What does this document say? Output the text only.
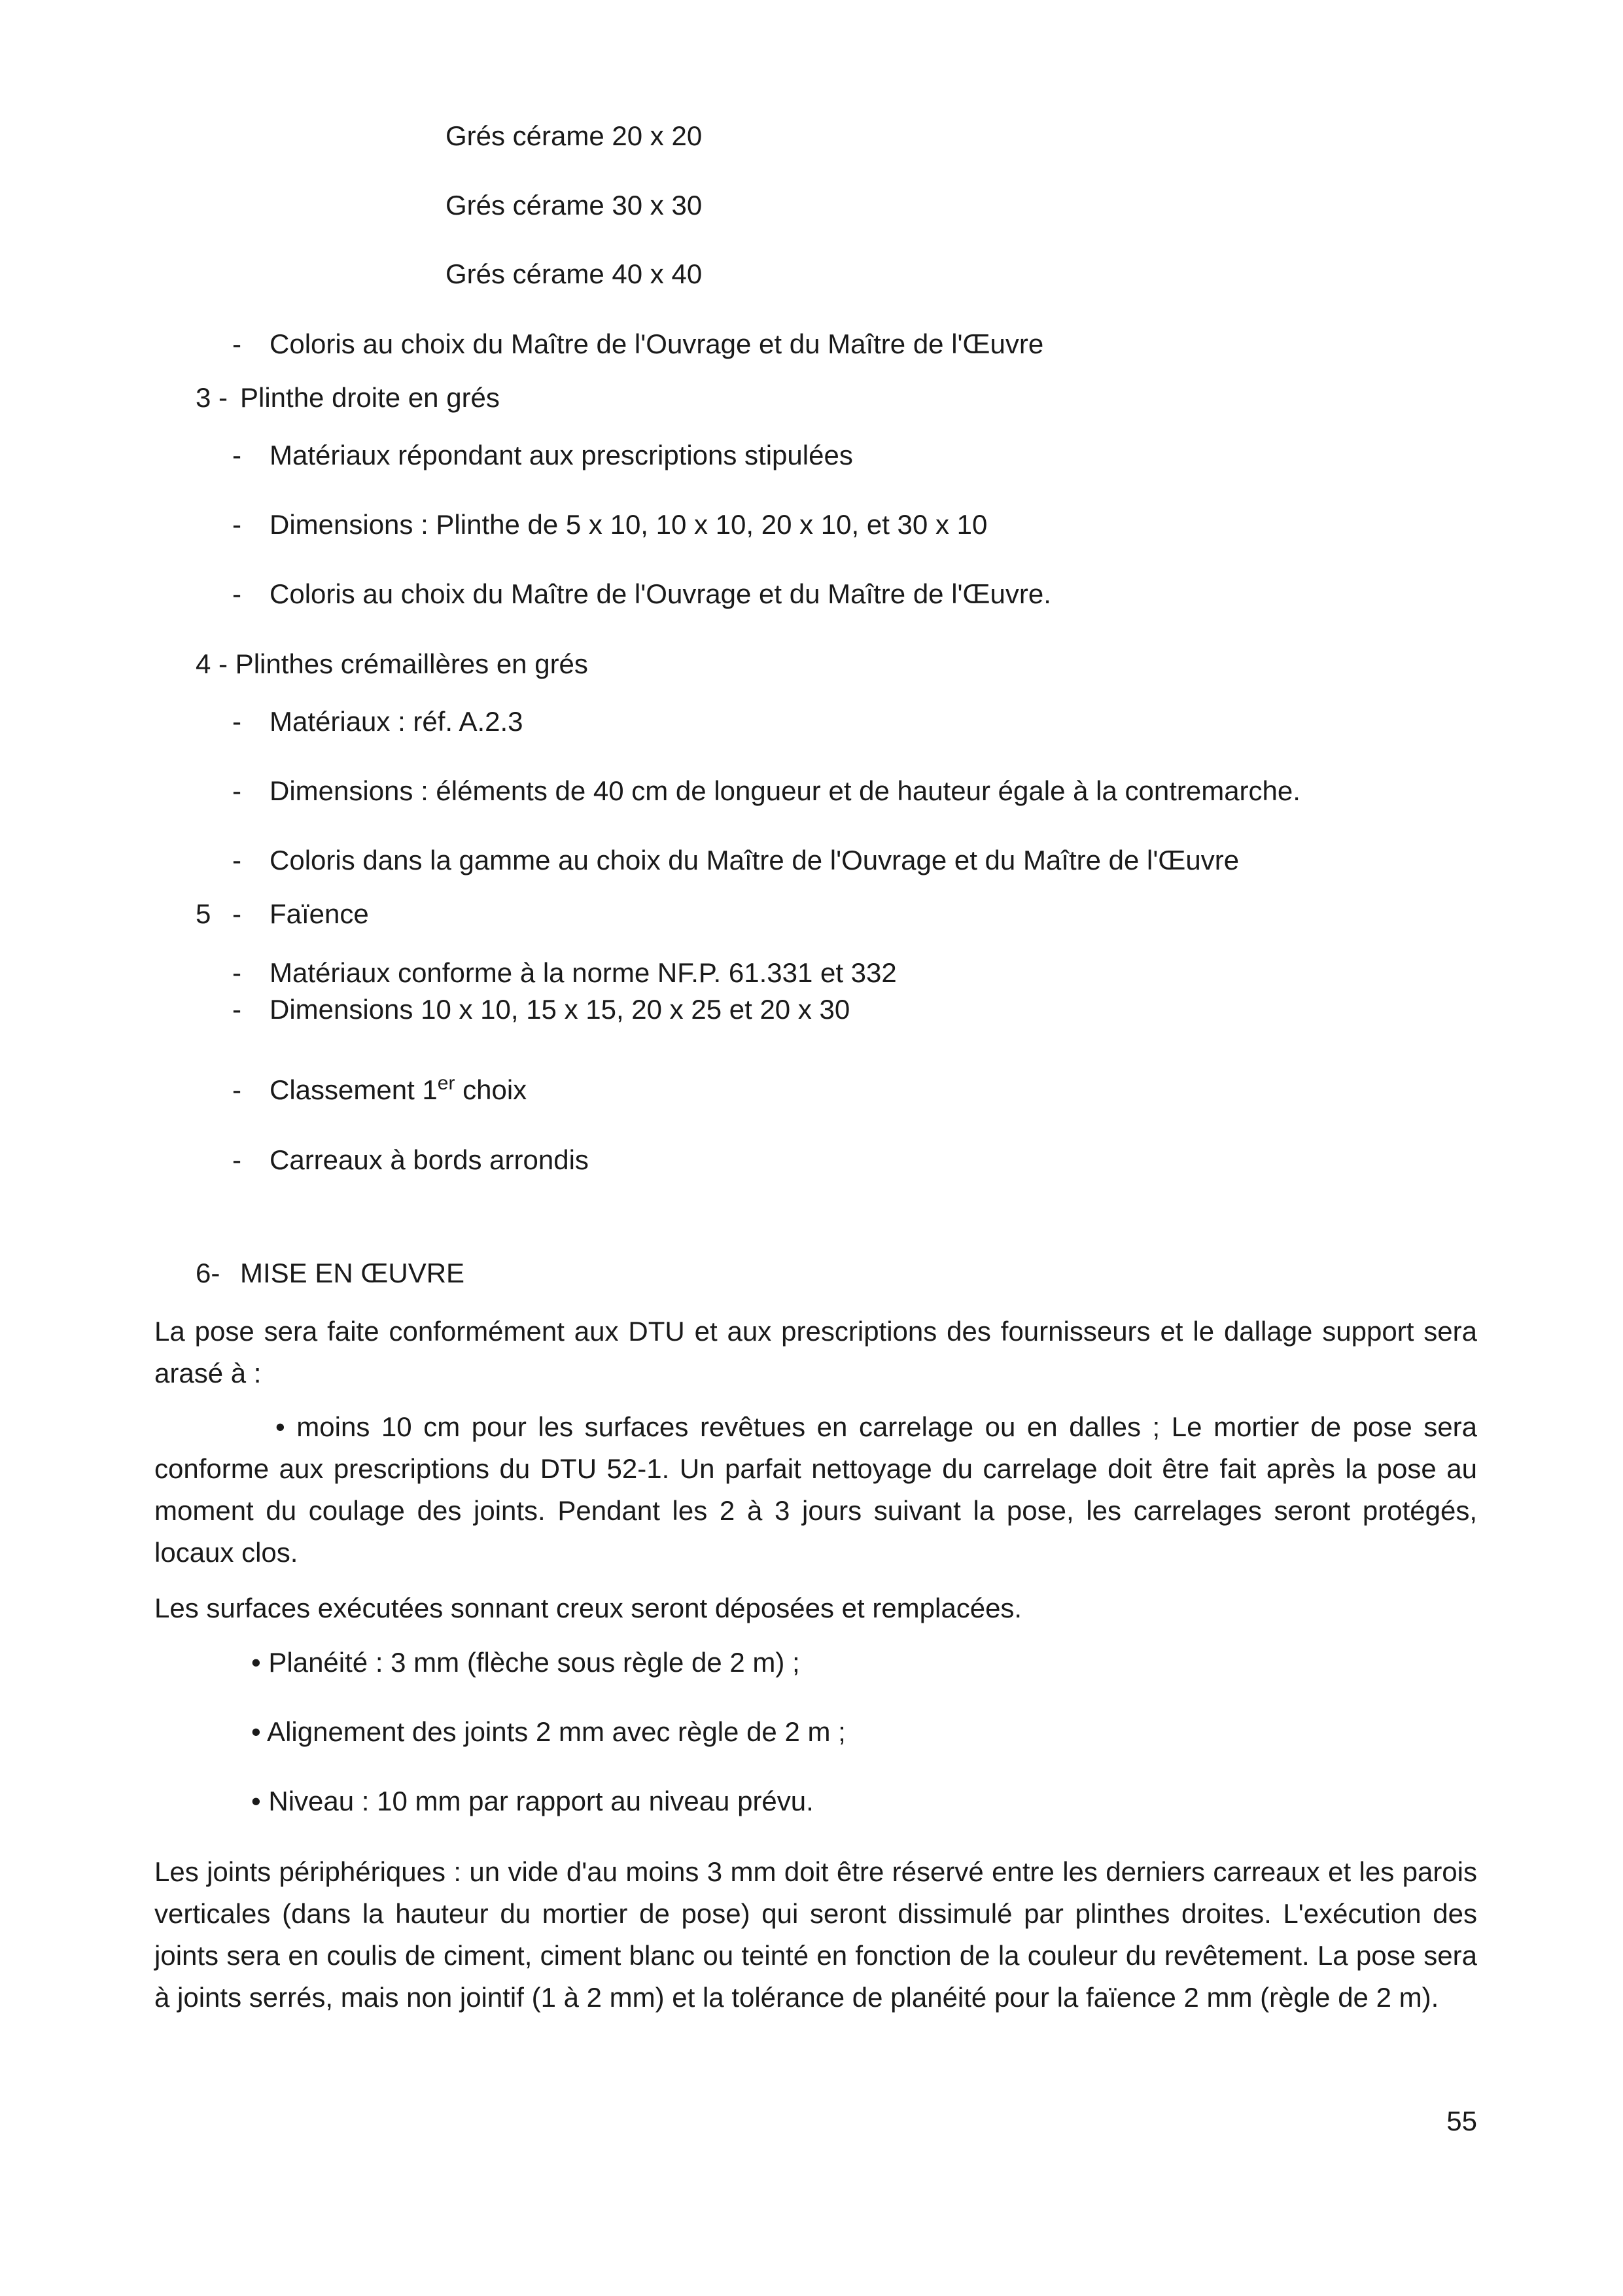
Grés cérame 20 x 20
Grés cérame 30 x 30
Grés cérame 40 x 40
- Coloris au choix du Maître de l'Ouvrage et du Maître de l'Œuvre
3 - Plinthe droite en grés
- Matériaux répondant aux prescriptions stipulées
- Dimensions : Plinthe de 5 x 10, 10 x 10, 20 x 10, et 30 x 10
- Coloris au choix du Maître de l'Ouvrage et du Maître de l'Œuvre.
4 - Plinthes crémaillères en grés
- Matériaux : réf. A.2.3
- Dimensions : éléments de 40 cm de longueur et de hauteur égale à la contremarche.
- Coloris dans la gamme au choix du Maître de l'Ouvrage et du Maître de l'Œuvre
5 - Faïence
- Matériaux conforme à la norme NF.P. 61.331 et 332
- Dimensions 10 x 10, 15 x 15, 20 x 25 et 20 x 30
- Classement 1er choix
- Carreaux à bords arrondis
6- MISE EN ŒUVRE
La pose sera faite conformément aux DTU et aux prescriptions des fournisseurs et le dallage support sera arasé à :
• moins 10 cm pour les surfaces revêtues en carrelage ou en dalles ; Le mortier de pose sera conforme aux prescriptions du DTU 52-1. Un parfait nettoyage du carrelage doit être fait après la pose au moment du coulage des joints. Pendant les 2 à 3 jours suivant la pose, les carrelages seront protégés, locaux clos.
Les surfaces exécutées sonnant creux seront déposées et remplacées.
• Planéité : 3 mm (flèche sous règle de 2 m) ;
• Alignement des joints 2 mm avec règle de 2 m ;
• Niveau : 10 mm par rapport au niveau prévu.
Les joints périphériques : un vide d'au moins 3 mm doit être réservé entre les derniers carreaux et les parois verticales (dans la hauteur du mortier de pose) qui seront dissimulé par plinthes droites. L'exécution des joints sera en coulis de ciment, ciment blanc ou teinté en fonction de la couleur du revêtement. La pose sera à joints serrés, mais non jointif (1 à 2 mm) et la tolérance de planéité pour la faïence 2 mm (règle de 2 m).
55
